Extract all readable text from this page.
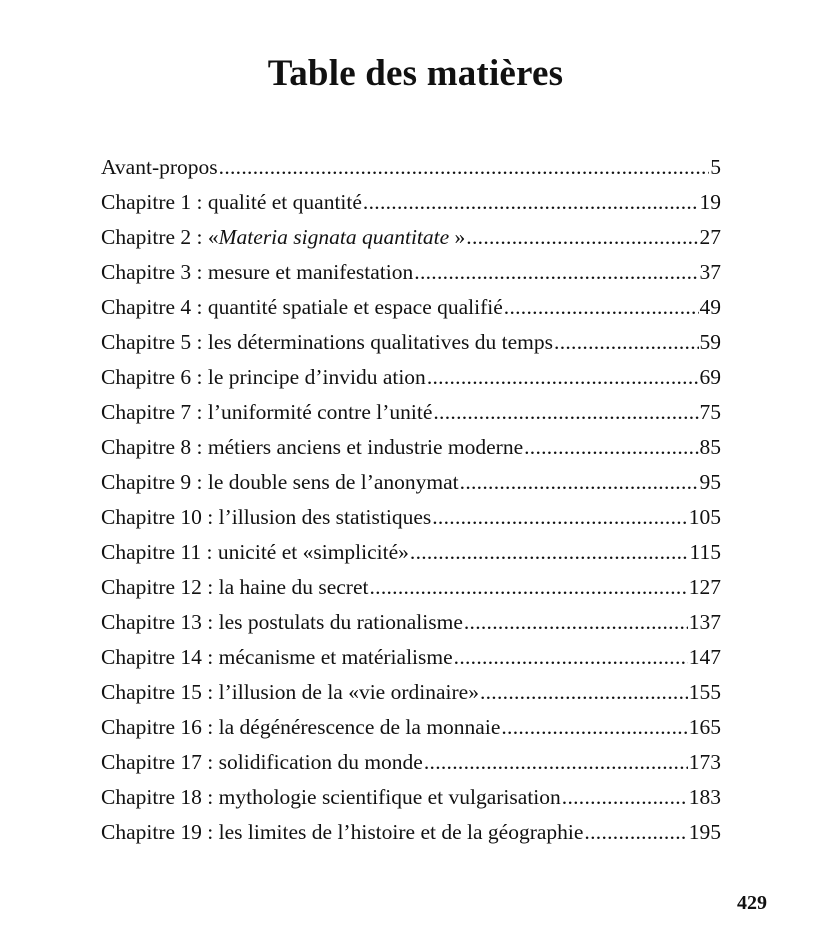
Table des matières
Avant-propos .....	5
Chapitre 1 : qualité et quantité .....	19
Chapitre 2 : «Materia signata quantitate » .....	27
Chapitre 3 : mesure et manifestation .....	37
Chapitre 4 : quantité spatiale et espace qualifié .....	49
Chapitre 5 : les déterminations qualitatives du temps .....	59
Chapitre 6 : le principe d’invidu ation .....	69
Chapitre 7 : l’uniformité contre l’unité .....	75
Chapitre 8 : métiers anciens et industrie moderne .....	85
Chapitre 9 : le double sens de l’anonymat .....	95
Chapitre 10 : l’illusion des statistiques .....	105
Chapitre 11 : unicité et «simplicité» .....	115
Chapitre 12 : la haine du secret .....	127
Chapitre 13 : les postulats du rationalisme .....	137
Chapitre 14 : mécanisme et matérialisme .....	147
Chapitre 15 : l’illusion de la «vie ordinaire» .....	155
Chapitre 16 : la dégénérescence de la monnaie .....	165
Chapitre 17 : solidification du monde .....	173
Chapitre 18 : mythologie scientifique et vulgarisation .....	183
Chapitre 19 : les limites de l’histoire et de la géographie .....	195
429
